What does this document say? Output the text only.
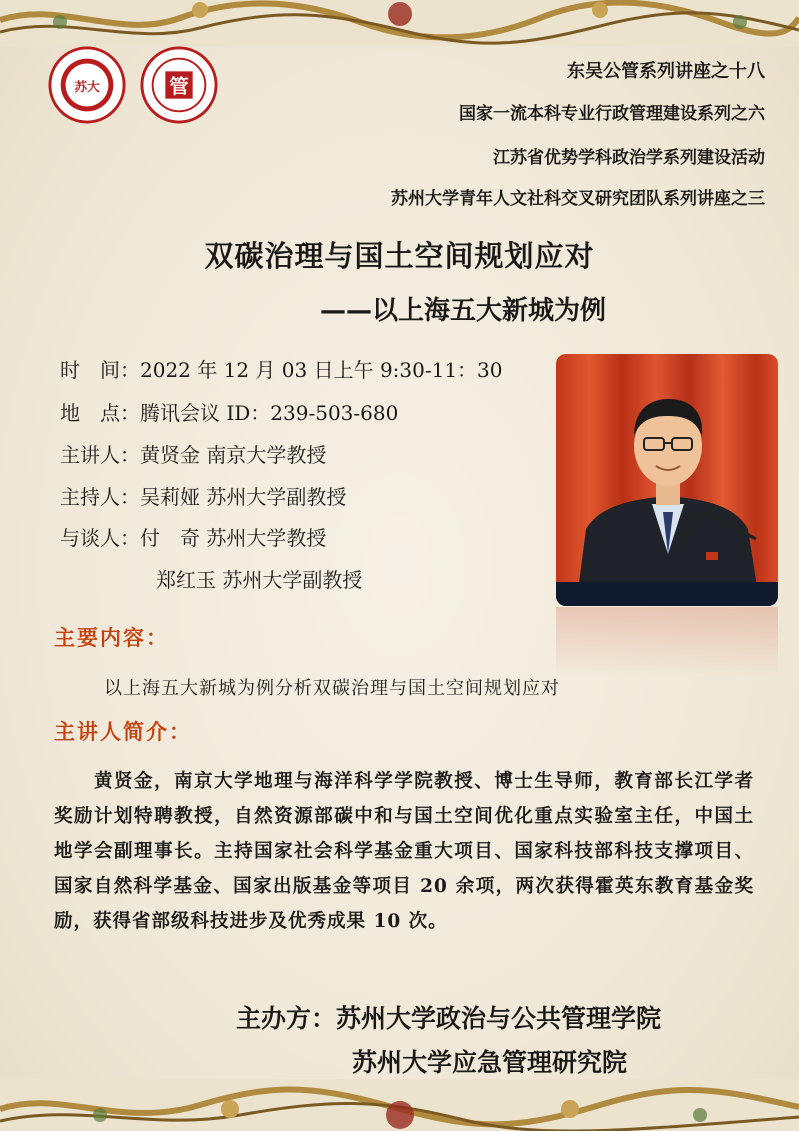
苏大	管
东吴公管系列讲座之十八
国家一流本科专业行政管理建设系列之六
江苏省优势学科政治学系列建设活动
苏州大学青年人文社科交叉研究团队系列讲座之三
双碳治理与国土空间规划应对
——以上海五大新城为例
时　间：2022 年 12 月 03 日上午 9:30-11：30
地　点：腾讯会议 ID：239-503-680
主讲人：黄贤金 南京大学教授
主持人：吴莉娅 苏州大学副教授
与谈人：付　奇 苏州大学教授
郑红玉 苏州大学副教授
主要内容：
以上海五大新城为例分析双碳治理与国土空间规划应对
主讲人简介：
黄贤金，南京大学地理与海洋科学学院教授、博士生导师，教育部长江学者奖励计划特聘教授，自然资源部碳中和与国土空间优化重点实验室主任，中国土地学会副理事长。主持国家社会科学基金重大项目、国家科技部科技支撑项目、国家自然科学基金、国家出版基金等项目 20 余项，两次获得霍英东教育基金奖励，获得省部级科技进步及优秀成果 10 次。
主办方：苏州大学政治与公共管理学院
苏州大学应急管理研究院
